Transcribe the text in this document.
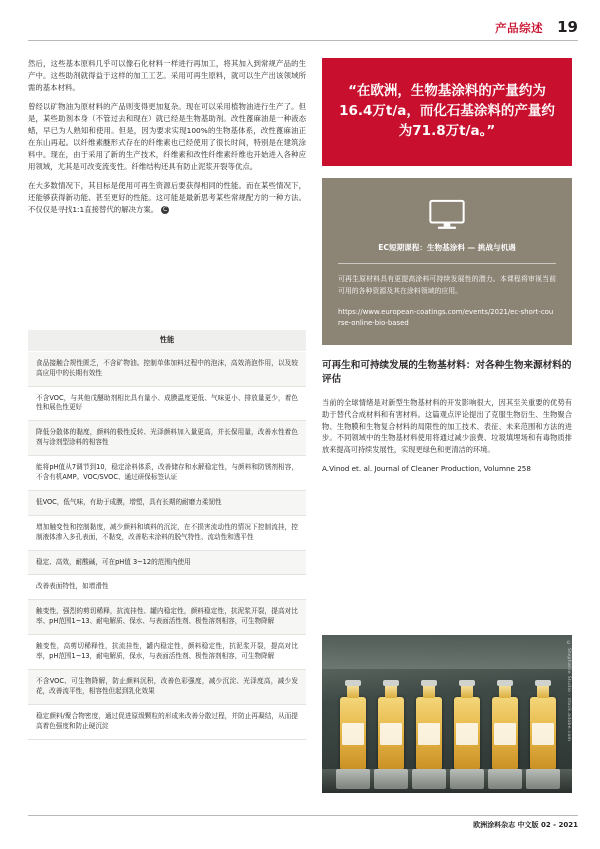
产品综述 19

然后，这些基本原料几乎可以像石化材料一样进行再加工，将其加入到常规产品的生产中。这些助剂就得益于这样的加工工艺。采用可再生原料，就可以生产出该领域所需的基本材料。

曾经以矿物油为原材料的产品则变得更加复杂。现在可以采用植物油进行生产了。但是，某些助剂本身（不管过去和现在）就已经是生物基助剂。改性蓖麻油是一种液态蜡，早已为人熟知和使用。但是，因为要求实现100%的生物基体系，改性蓖麻油正在东山再起。以纤维素醚形式存在的纤维素也已经使用了很长时间，特别是在建筑涂料中。现在，由于采用了新的生产技术，纤维素和改性纤维素纤维也开始进入各种应用领域，尤其是可改变流变性。纤维结构还具有防止泥浆开裂等优点。

在大多数情况下，其目标是使用可再生资源后要获得相同的性能。而在某些情况下，还能够获得新功能、甚至更好的性能。这可能是最新思考某些常规配方的一种方法。不仅仅是寻找1:1直接替代的解决方案。 C

性能
食品接触合规性匮乏，不含矿物油。控制单体加料过程中的泡沫，高效消泡作用，以及较高应用中的长期有效性
不含VOC，与其他戊醚助剂相比具有量小、成膜温度更低、气味更小、排放量更少，着色性和展色性更好
降低分散体的黏度，颜料的极性反转、光泽颜料加入量更高，并长保用量，改善水性着色剂与涂剂型涂料的相容性
能将pH值从7调节到10，稳定涂料体系，改善储存和水解稳定性，与颜料和防锈剂相容，不含有机AMP。VOC/SVOC、通过研保标签认证
低VOC，低气味，有助于成膜，增塑，具有长期的耐磨力柔韧性
增加触变性和控制黏度，减少颜料和填料的沉淀，在不损害流动性的情况下控制流挂，控制液体渗入多孔表面，不黏变，改善粘末涂料的脱气特性、流动性和透平性
稳定、高效，耐酸碱，可在pH值 3~12的范围内使用
改善表面特性，如增滑性
触变性，强烈的剪切稀释，抗流挂性、罐内稳定性，颜料稳定性，抗泥浆开裂，提高对比率、pH范围1~13、耐电解质、保水、与表面活性剂、极性溶剂相容，可生物降解
触变性，高剪切稀释性，抗流挂性，罐内稳定性，颜料稳定性，抗泥浆开裂，提高对比率，pH范围1~13，耐电解质，保水，与表面活性剂、极性溶剂相容，可生物降解
不含VOC、可生物降解，防止颜料沉积，改善色彩强度，减少沉淀、光泽度高，减少发花，改善流平性，相容性但起到乳化效果
稳定颜料/聚合物密度，通过促进原级颗粒的形成来改善分散过程，并防止再凝结，从而提高着色强度和防止硬沉淀
“在欧洲，生物基涂料的产量约为16.4万t/a，而化石基涂料的产量约为71.8万t/a。”
EC短期课程：生物基涂料 — 挑战与机遇
可再生原材料具有更提高涂料可持续发展性的潜力。本课程将审视当前可用的各种资源及其在涂料领域的应用。
https://www.european-coatings.com/events/2021/ec-short-course-online-bio-based
可再生和可持续发展的生物基材料：对各种生物来源材料的评估

当前的全球情绪是对新型生物基材料的开发影响很大，因其至关重要的优势有助于替代合成材料和有害材料。这篇观点评论提出了克服生物衍生、生物聚合物、生物膜和生物复合材料的局限性的加工技术、表征、未来范围和方法的进步。不同领域中的生物基材料使用将通过减少浪费、垃圾填埋场和有毒物质排放来提高可持续发展性，实现更绿色和更清洁的环境。

A.Vinod et. al. Journal of Cleaner Production, Volumne 258
© Stephanie Studio - stock.adobe.com
欧洲涂料杂志 中文版 02 - 2021
